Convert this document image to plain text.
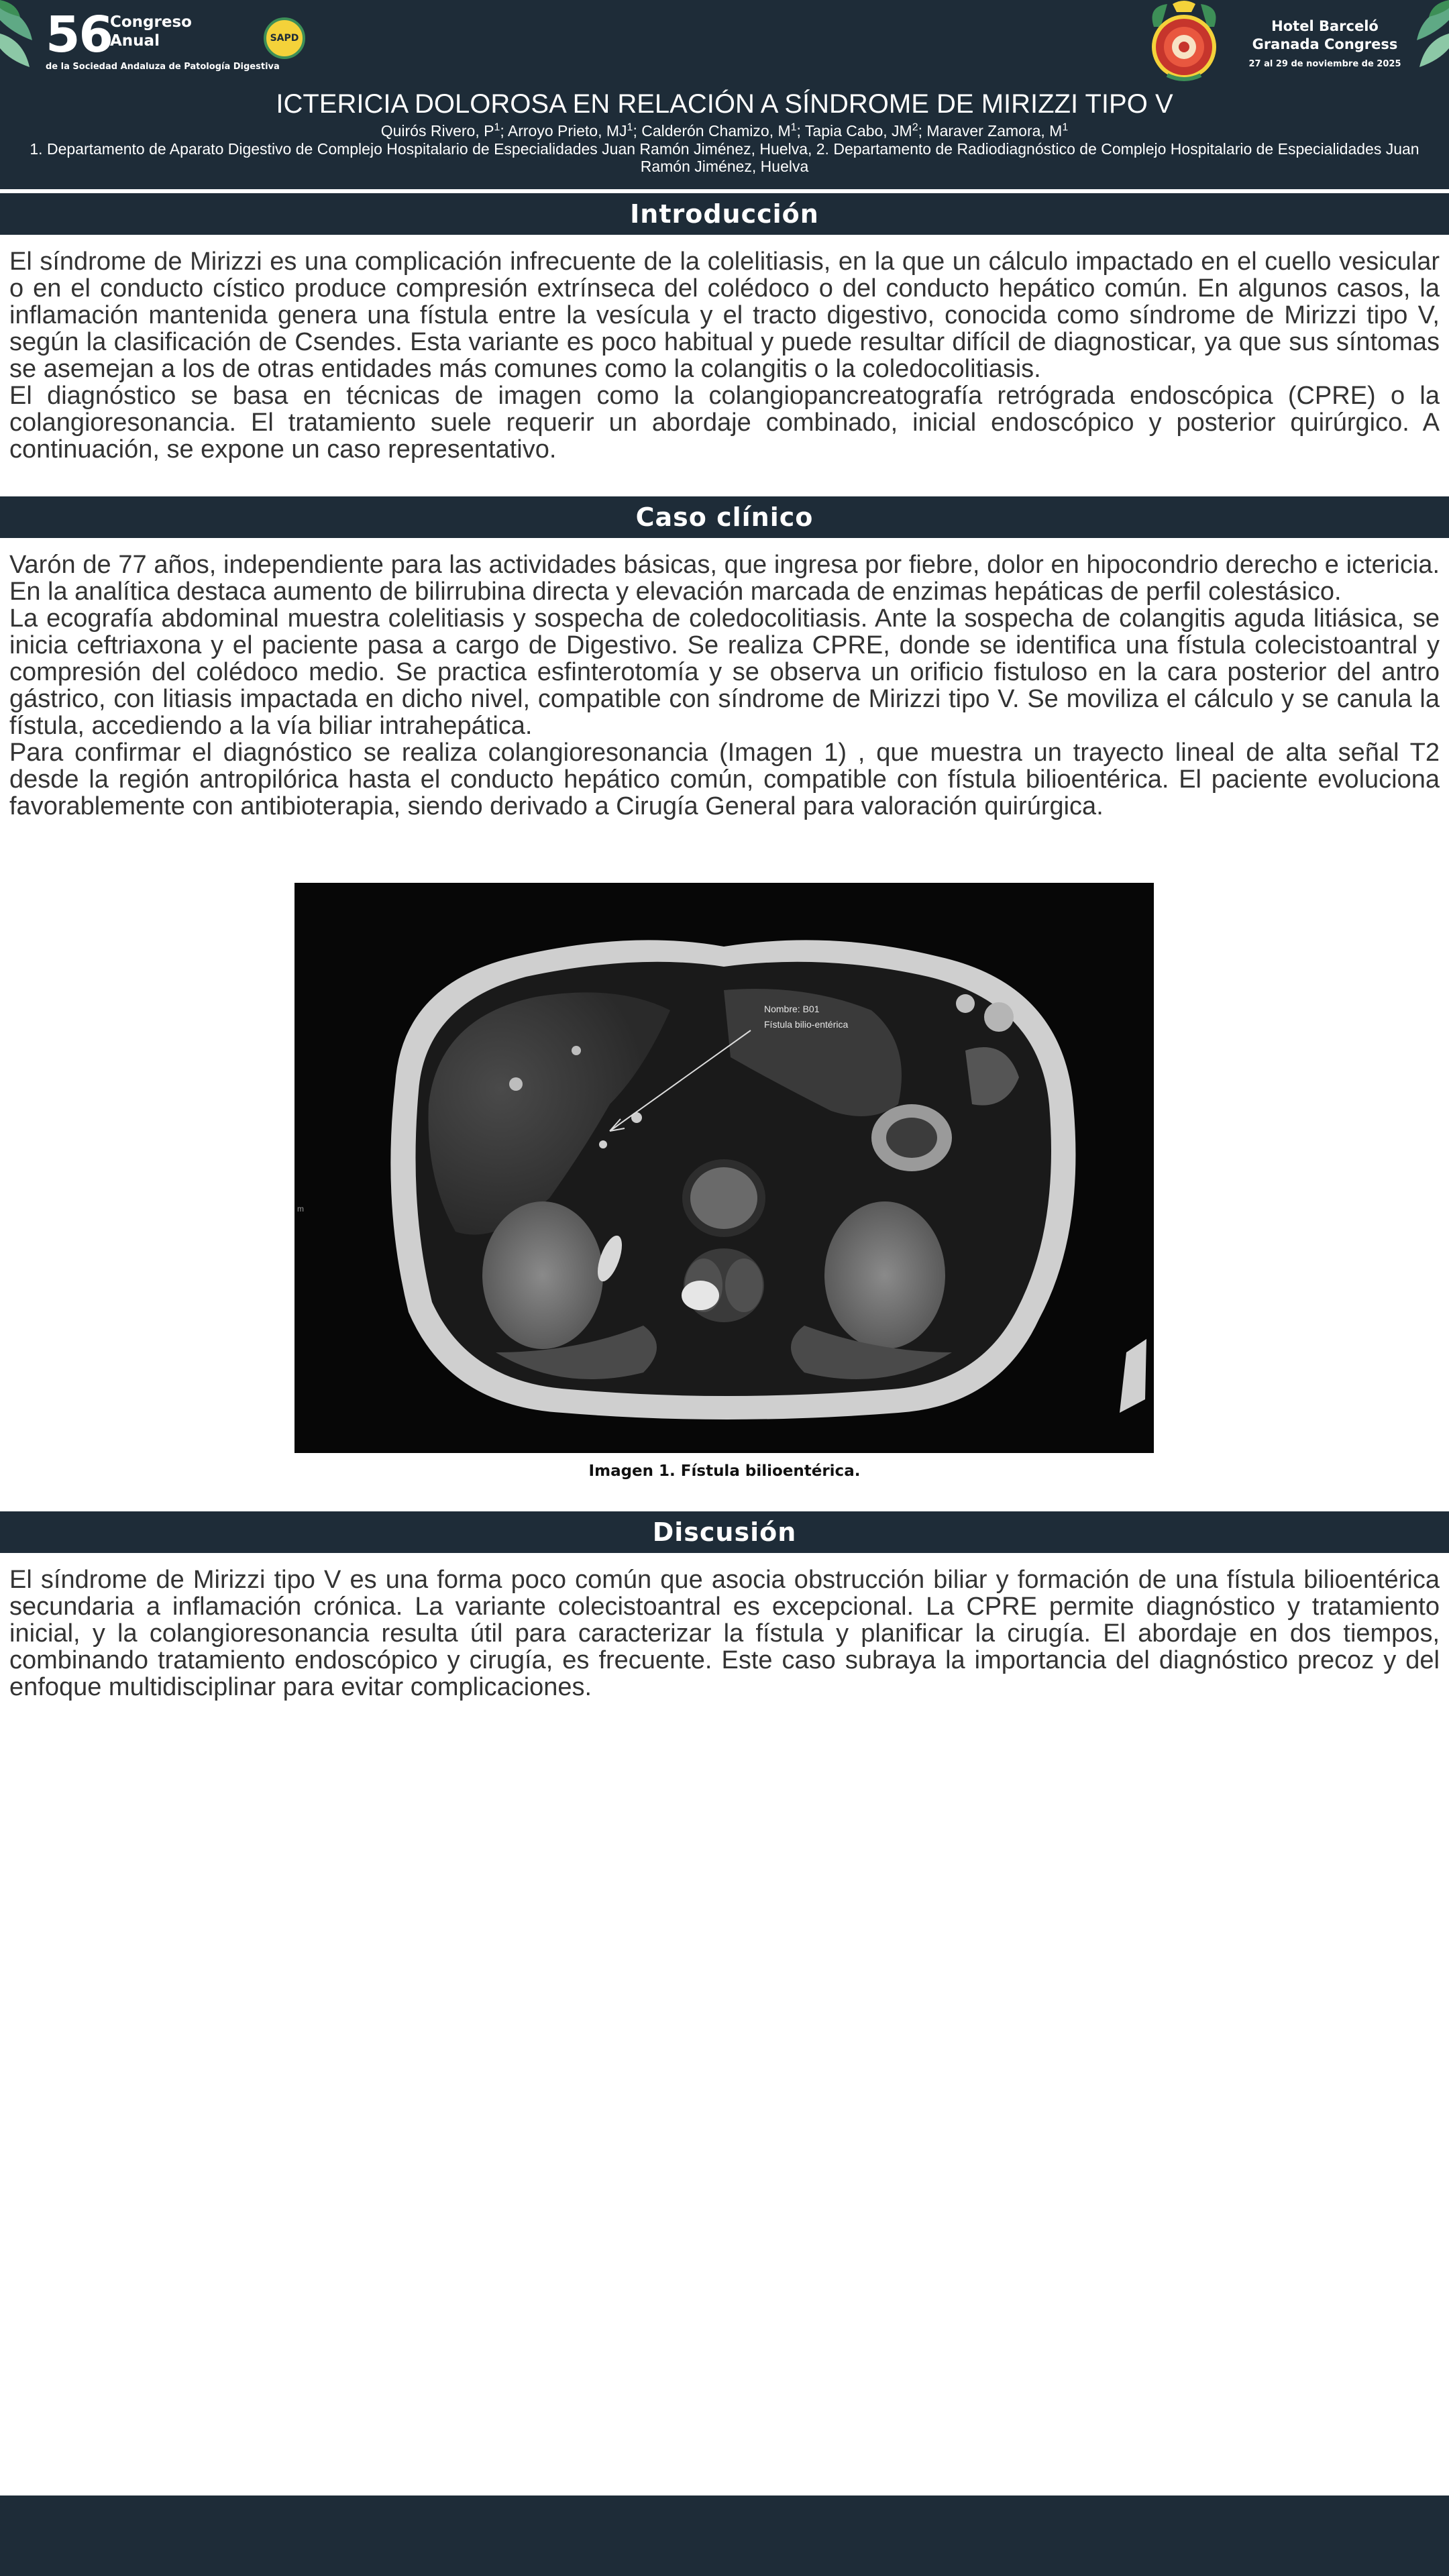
56
Congreso
Anual
de la Sociedad Andaluza de Patología Digestiva
SAPD
Hotel Barceló
Granada Congress
27 al 29 de noviembre de 2025
ICTERICIA DOLOROSA EN RELACIÓN A SÍNDROME DE MIRIZZI TIPO V
Quirós Rivero, $P^1$; Arroyo Prieto, $MJ^1$; Calderón Chamizo, $M^1$; Tapia Cabo, $JM^2$; Maraver Zamora, $M^1$
1. Departamento de Aparato Digestivo de Complejo Hospitalario de Especialidades Juan Ramón Jiménez, Huelva, 2. Departamento de Radiodiagnóstico de Complejo Hospitalario de Especialidades Juan Ramón Jiménez, Huelva
Introducción

El síndrome de Mirizzi es una complicación infrecuente de la colelitiasis, en la que un cálculo impactado en el cuello vesicular o en el conducto cístico produce compresión extrínseca del colédoco o del conducto hepático común. En algunos casos, la inflamación mantenida genera una fístula entre la vesícula y el tracto digestivo, conocida como síndrome de Mirizzi tipo V, según la clasificación de Csendes. Esta variante es poco habitual y puede resultar difícil de diagnosticar, ya que sus síntomas se asemejan a los de otras entidades más comunes como la colangitis o la coledocolitiasis.

El diagnóstico se basa en técnicas de imagen como la colangiopancreatografía retrógrada endoscópica (CPRE) o la colangioresonancia. El tratamiento suele requerir un abordaje combinado, inicial endoscópico y posterior quirúrgico. A continuación, se expone un caso representativo.

Caso clínico

Varón de 77 años, independiente para las actividades básicas, que ingresa por fiebre, dolor en hipocondrio derecho e ictericia. En la analítica destaca aumento de bilirrubina directa y elevación marcada de enzimas hepáticas de perfil colestásico.

La ecografía abdominal muestra colelitiasis y sospecha de coledocolitiasis. Ante la sospecha de colangitis aguda litiásica, se inicia ceftriaxona y el paciente pasa a cargo de Digestivo. Se realiza CPRE, donde se identifica una fístula colecistoantral y compresión del colédoco medio. Se practica esfinterotomía y se observa un orificio fistuloso en la cara posterior del antro gástrico, con litiasis impactada en dicho nivel, compatible con síndrome de Mirizzi tipo V. Se moviliza el cálculo y se canula la fístula, accediendo a la vía biliar intrahepática.

Para confirmar el diagnóstico se realiza colangioresonancia (Imagen 1) , que muestra un trayecto lineal de alta señal T2 desde la región antropilórica hasta el conducto hepático común, compatible con fístula bilioentérica. El paciente evoluciona favorablemente con antibioterapia, siendo derivado a Cirugía General para valoración quirúrgica.

Nombre: B01
Fístula bilio-entérica
m
Imagen 1. Fístula bilioentérica.
Discusión

El síndrome de Mirizzi tipo V es una forma poco común que asocia obstrucción biliar y formación de una fístula bilioentérica secundaria a inflamación crónica. La variante colecistoantral es excepcional. La CPRE permite diagnóstico y tratamiento inicial, y la colangioresonancia resulta útil para caracterizar la fístula y planificar la cirugía. El abordaje en dos tiempos, combinando tratamiento endoscópico y cirugía, es frecuente. Este caso subraya la importancia del diagnóstico precoz y del enfoque multidisciplinar para evitar complicaciones.
